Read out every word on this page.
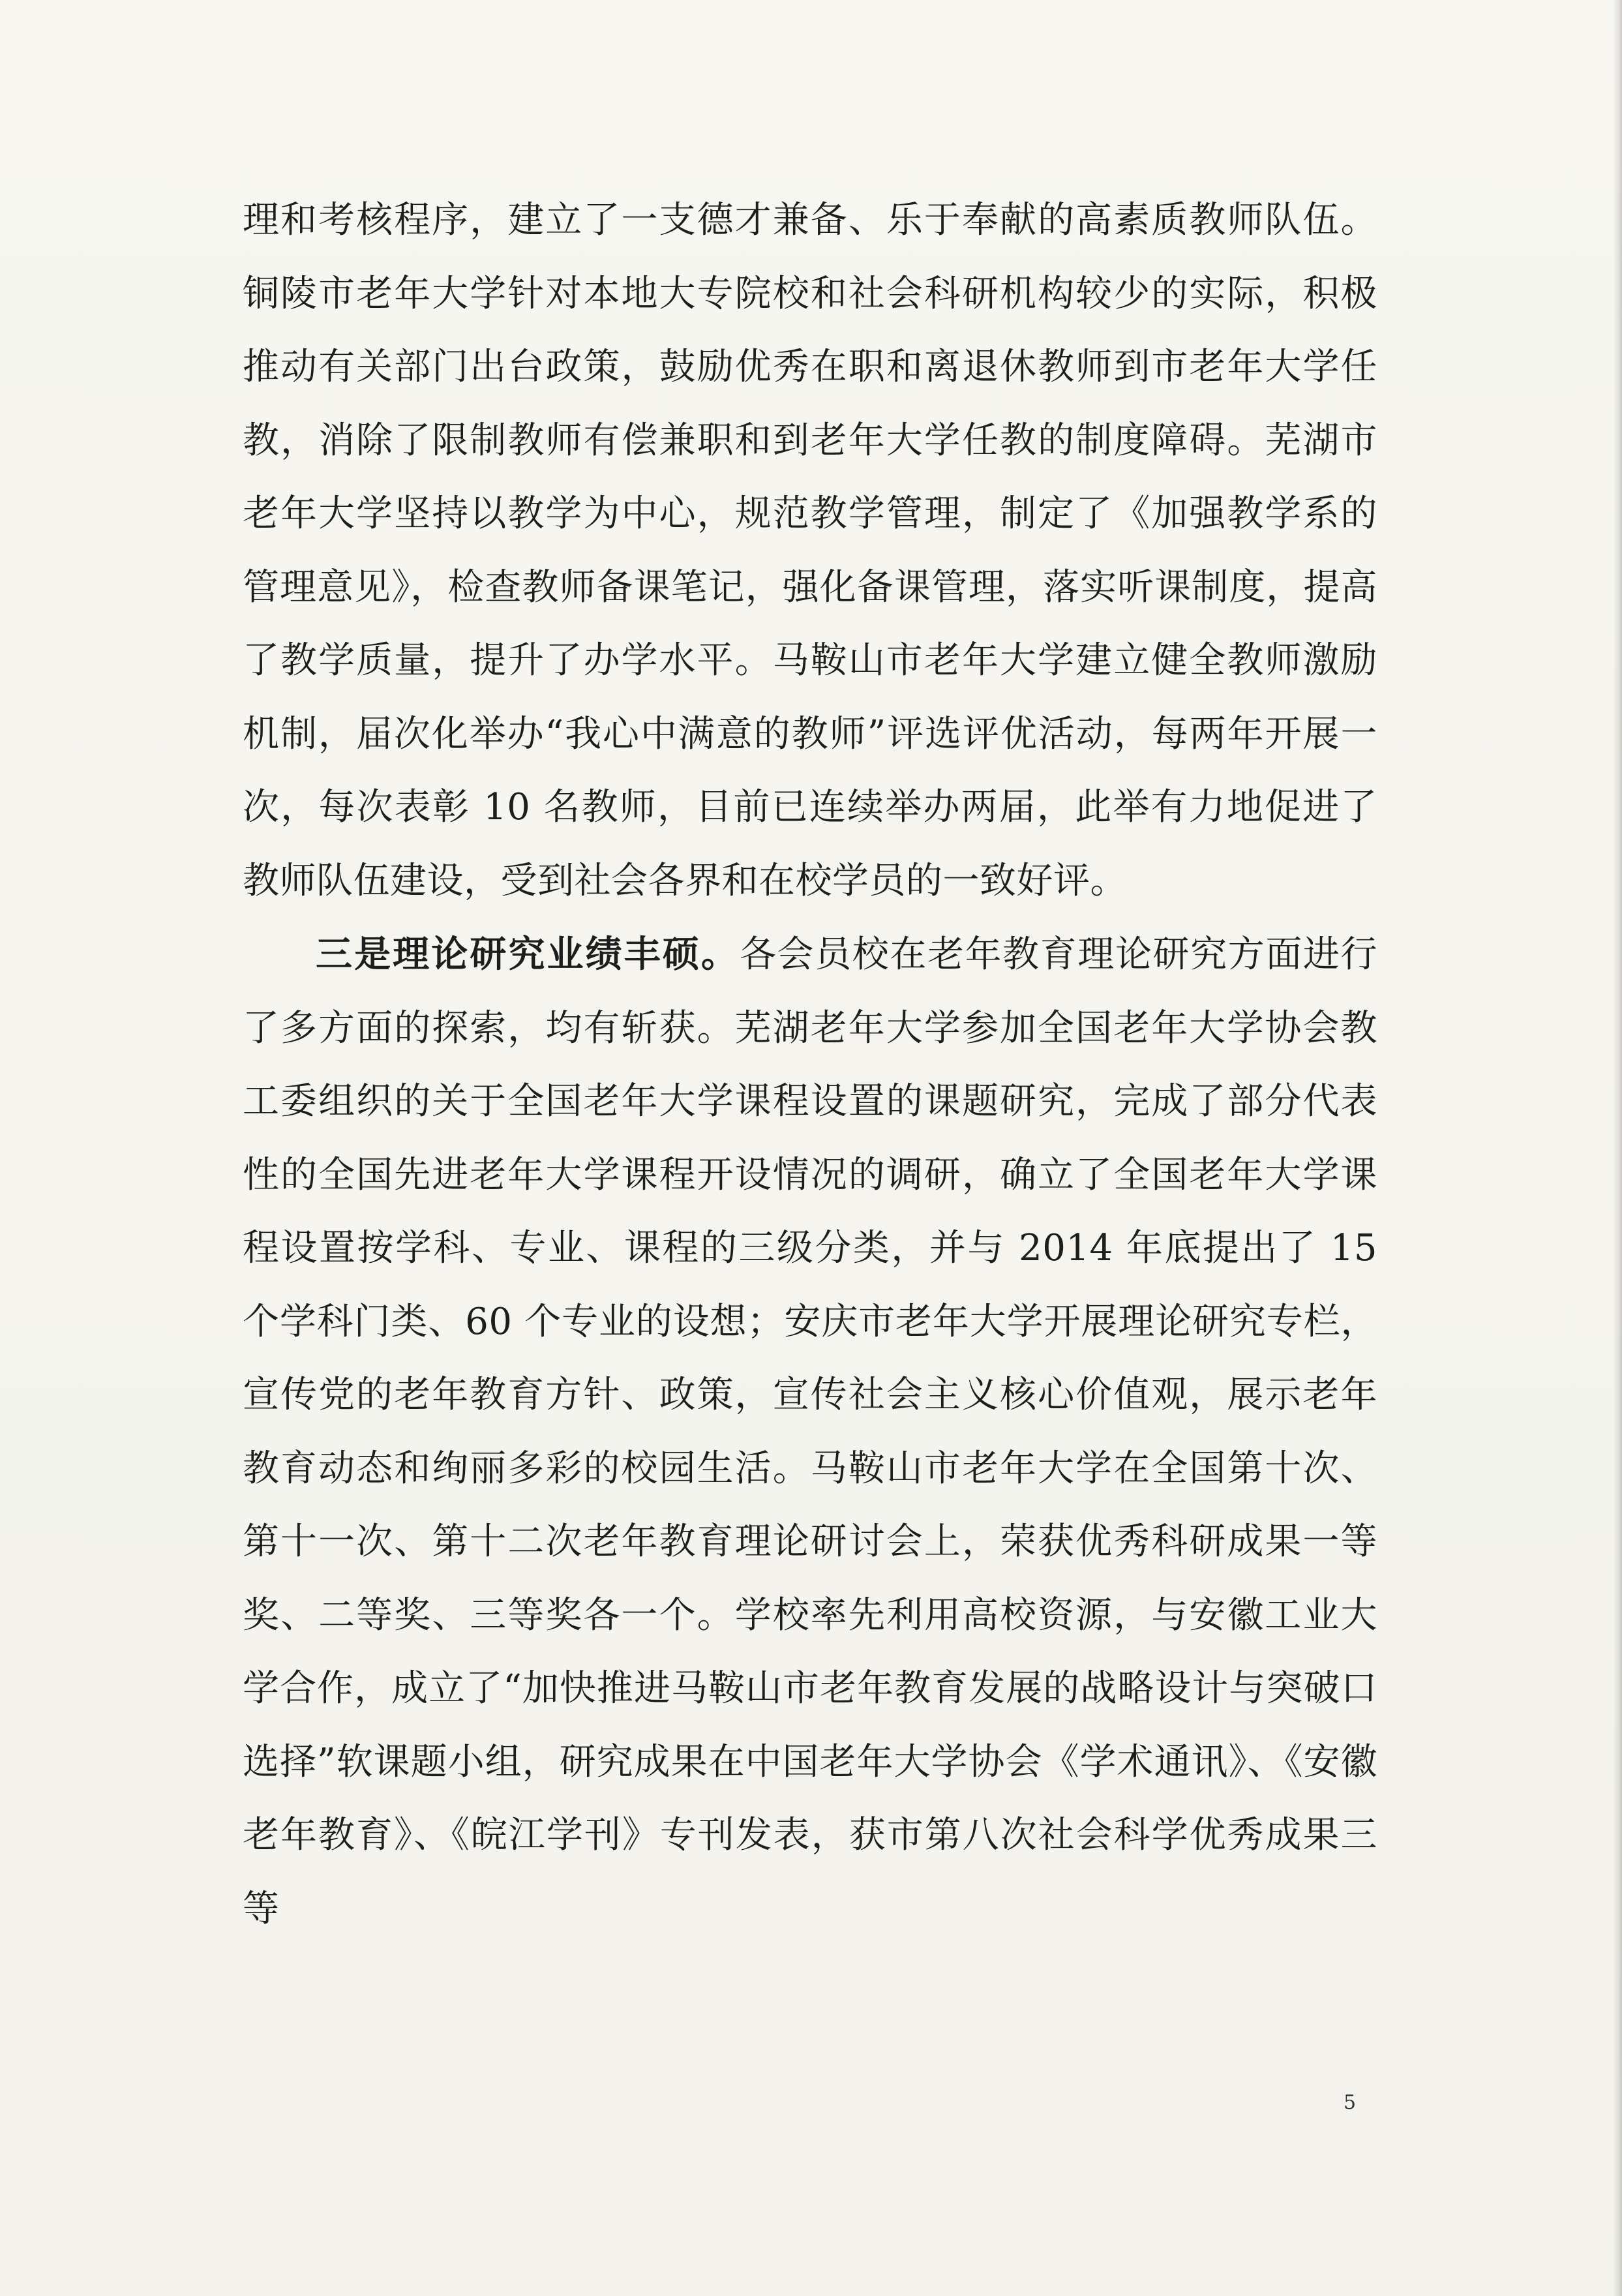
理和考核程序，建立了一支德才兼备、乐于奉献的高素质教师队伍。铜陵市老年大学针对本地大专院校和社会科研机构较少的实际，积极推动有关部门出台政策，鼓励优秀在职和离退休教师到市老年大学任教，消除了限制教师有偿兼职和到老年大学任教的制度障碍。芜湖市老年大学坚持以教学为中心，规范教学管理，制定了《加强教学系的管理意见》，检查教师备课笔记，强化备课管理，落实听课制度，提高了教学质量，提升了办学水平。马鞍山市老年大学建立健全教师激励机制，届次化举办“我心中满意的教师”评选评优活动，每两年开展一次，每次表彰 10 名教师，目前已连续举办两届，此举有力地促进了教师队伍建设，受到社会各界和在校学员的一致好评。

三是理论研究业绩丰硕。各会员校在老年教育理论研究方面进行了多方面的探索，均有斩获。芜湖老年大学参加全国老年大学协会教工委组织的关于全国老年大学课程设置的课题研究，完成了部分代表性的全国先进老年大学课程开设情况的调研，确立了全国老年大学课程设置按学科、专业、课程的三级分类，并与 2014 年底提出了 15 个学科门类、60 个专业的设想；安庆市老年大学开展理论研究专栏，宣传党的老年教育方针、政策，宣传社会主义核心价值观，展示老年教育动态和绚丽多彩的校园生活。马鞍山市老年大学在全国第十次、第十一次、第十二次老年教育理论研讨会上，荣获优秀科研成果一等奖、二等奖、三等奖各一个。学校率先利用高校资源，与安徽工业大学合作，成立了“加快推进马鞍山市老年教育发展的战略设计与突破口选择”软课题小组，研究成果在中国老年大学协会《学术通讯》、《安徽老年教育》、《皖江学刊》专刊发表，获市第八次社会科学优秀成果三等

5
